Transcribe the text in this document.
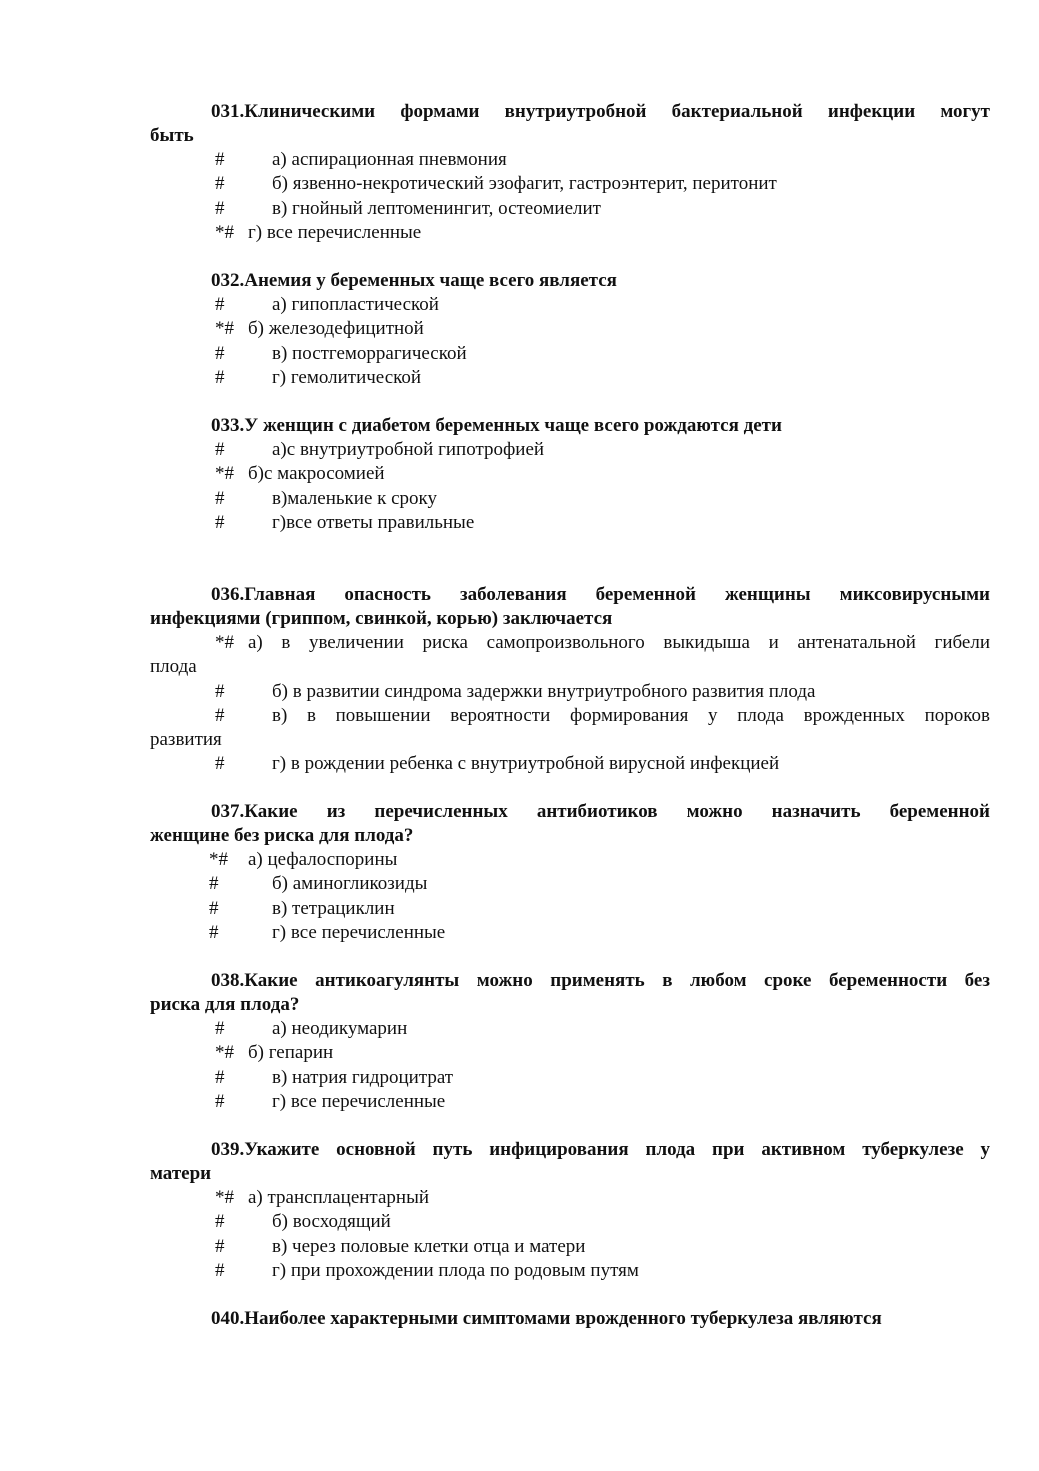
031.Клиническими формами внутриутробной бактериальной инфекции могут
быть

#	а) аспирационная пневмония
#	б) язвенно-некротический эзофагит, гастроэнтерит, перитонит
#	в) гнойный лептоменингит, остеомиелит
*# г) все перечисленные

032.Анемия у беременных чаще всего является

#	а) гипопластической
*# б) железодефицитной
#	в) постгеморрагической
#	г) гемолитической

033.У женщин с диабетом беременных чаще всего рождаются дети

#	а)с внутриутробной гипотрофией
*# б)с макросомией
#	в)маленькие к сроку
#	г)все ответы правильные

036.Главная опасность заболевания беременной женщины миксовирусными
инфекциями (гриппом, свинкой, корью) заключается

*# а) в увеличении риска самопроизвольного выкидыша и антенатальной гибели
плода
#	б) в развитии синдрома задержки внутриутробного развития плода
#	в) в повышении вероятности формирования у плода врожденных пороков
развития
#	г) в рождении ребенка с внутриутробной вирусной инфекцией

037.Какие из перечисленных антибиотиков можно назначить беременной
женщине без риска для плода?

*# а) цефалоспорины
#	б) аминогликозиды
#	в) тетрациклин
#	г) все перечисленные

038.Какие антикоагулянты можно применять в любом сроке беременности без
риска для плода?

#	а) неодикумарин
*# б) гепарин
#	в) натрия гидроцитрат
#	г) все перечисленные

039.Укажите основной путь инфицирования плода при активном туберкулезе у
матери

*# а) трансплацентарный
#	б) восходящий
#	в) через половые клетки отца и матери
#	г) при прохождении плода по родовым путям

040.Наиболее характерными симптомами врожденного туберкулеза являются
